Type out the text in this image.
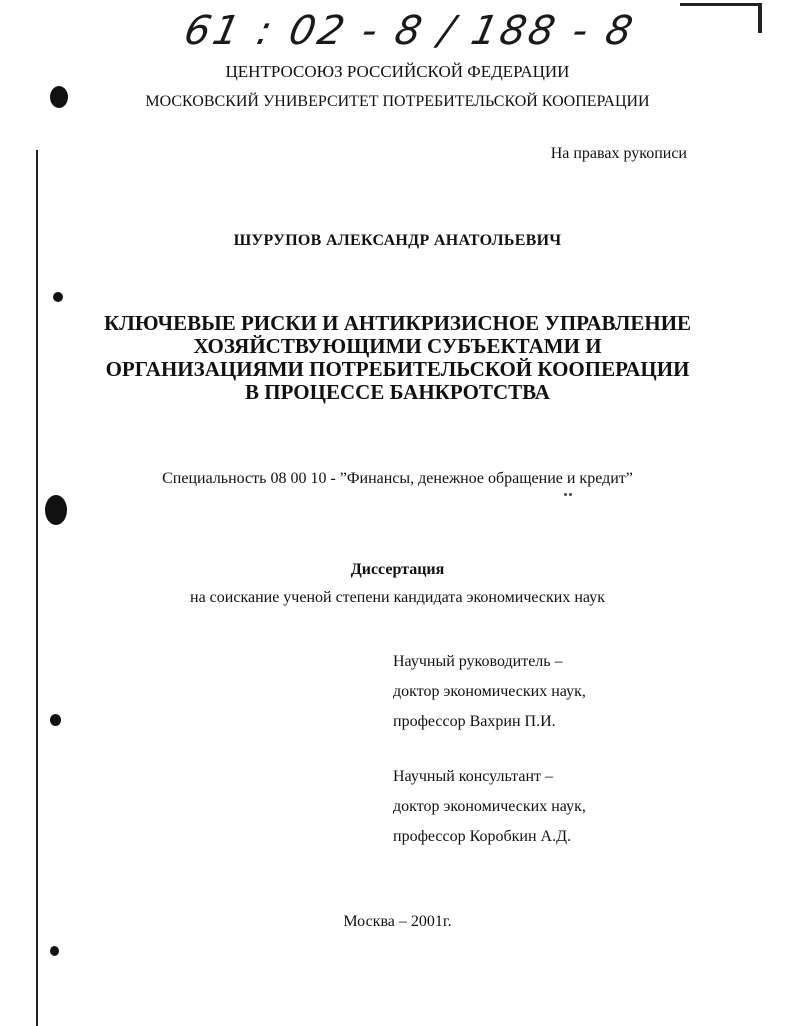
61 : 02 - 8 / 188 - 8
ЦЕНТРОСОЮЗ РОССИЙСКОЙ ФЕДЕРАЦИИ
МОСКОВСКИЙ УНИВЕРСИТЕТ ПОТРЕБИТЕЛЬСКОЙ КООПЕРАЦИИ
На правах рукописи
ШУРУПОВ АЛЕКСАНДР АНАТОЛЬЕВИЧ
КЛЮЧЕВЫЕ РИСКИ И АНТИКРИЗИСНОЕ УПРАВЛЕНИЕ
ХОЗЯЙСТВУЮЩИМИ СУБЪЕКТАМИ И
ОРГАНИЗАЦИЯМИ ПОТРЕБИТЕЛЬСКОЙ КООПЕРАЦИИ
В ПРОЦЕССЕ БАНКРОТСТВА
Специальность 08 00 10 - ”Финансы, денежное обращение и кредит”
Диссертация
на соискание ученой степени кандидата экономических наук
Научный руководитель –
доктор экономических наук,
профессор Вахрин П.И.
Научный консультант –
доктор экономических наук,
профессор Коробкин А.Д.
Москва – 2001г.
